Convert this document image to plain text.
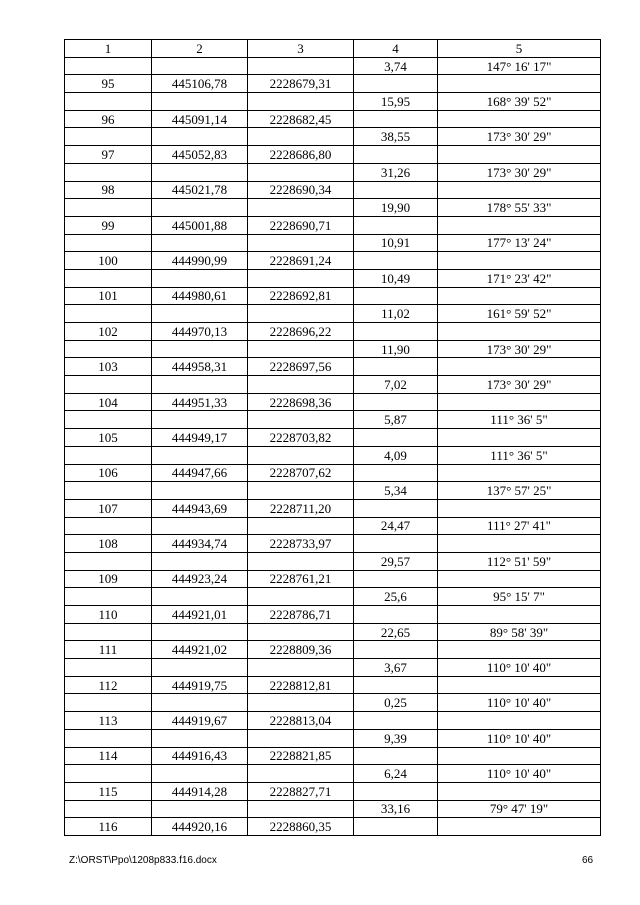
1	2	3	4	5
			3,74	147° 16' 17"
95	445106,78	2228679,31		
			15,95	168° 39' 52"
96	445091,14	2228682,45		
			38,55	173° 30' 29"
97	445052,83	2228686,80		
			31,26	173° 30' 29"
98	445021,78	2228690,34		
			19,90	178° 55' 33"
99	445001,88	2228690,71		
			10,91	177° 13' 24"
100	444990,99	2228691,24		
			10,49	171° 23' 42"
101	444980,61	2228692,81		
			11,02	161° 59' 52"
102	444970,13	2228696,22		
			11,90	173° 30' 29"
103	444958,31	2228697,56		
			7,02	173° 30' 29"
104	444951,33	2228698,36		
			5,87	111° 36' 5"
105	444949,17	2228703,82		
			4,09	111° 36' 5"
106	444947,66	2228707,62		
			5,34	137° 57' 25"
107	444943,69	2228711,20		
			24,47	111° 27' 41"
108	444934,74	2228733,97		
			29,57	112° 51' 59"
109	444923,24	2228761,21		
			25,6	95° 15' 7"
110	444921,01	2228786,71		
			22,65	89° 58' 39"
111	444921,02	2228809,36		
			3,67	110° 10' 40"
112	444919,75	2228812,81		
			0,25	110° 10' 40"
113	444919,67	2228813,04		
			9,39	110° 10' 40"
114	444916,43	2228821,85		
			6,24	110° 10' 40"
115	444914,28	2228827,71		
			33,16	79° 47' 19"
116	444920,16	2228860,35		
Z:\ORST\Ppo\1208p833.f16.docx	66
